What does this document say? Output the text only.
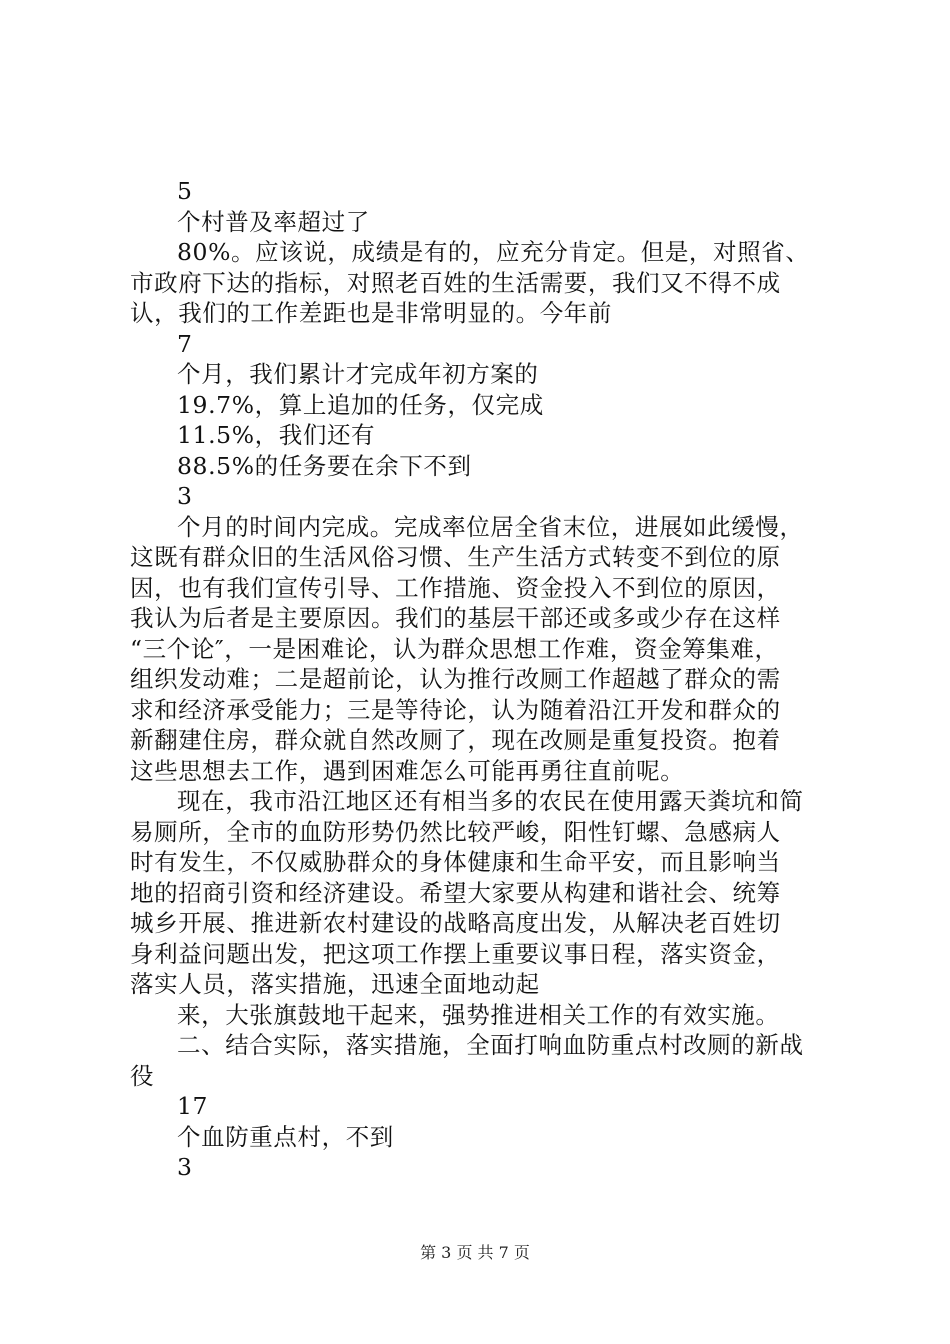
5
个村普及率超过了
80%。应该说，成绩是有的，应充分肯定。但是，对照省、
市政府下达的指标，对照老百姓的生活需要，我们又不得不成
认，我们的工作差距也是非常明显的。今年前
7
个月，我们累计才完成年初方案的
19.7%，算上追加的任务，仅完成
11.5%，我们还有
88.5%的任务要在余下不到
3
个月的时间内完成。完成率位居全省末位，进展如此缓慢，
这既有群众旧的生活风俗习惯、生产生活方式转变不到位的原
因，也有我们宣传引导、工作措施、资金投入不到位的原因，
我认为后者是主要原因。我们的基层干部还或多或少存在这样
“三个论″，一是困难论，认为群众思想工作难，资金筹集难，
组织发动难；二是超前论，认为推行改厕工作超越了群众的需
求和经济承受能力；三是等待论，认为随着沿江开发和群众的
新翻建住房，群众就自然改厕了，现在改厕是重复投资。抱着
这些思想去工作，遇到困难怎么可能再勇往直前呢。
现在，我市沿江地区还有相当多的农民在使用露天粪坑和简
易厕所，全市的血防形势仍然比较严峻，阳性钉螺、急感病人
时有发生，不仅威胁群众的身体健康和生命平安，而且影响当
地的招商引资和经济建设。希望大家要从构建和谐社会、统筹
城乡开展、推进新农村建设的战略高度出发，从解决老百姓切
身利益问题出发，把这项工作摆上重要议事日程，落实资金，
落实人员，落实措施，迅速全面地动起
来，大张旗鼓地干起来，强势推进相关工作的有效实施。
二、结合实际，落实措施，全面打响血防重点村改厕的新战
役
17
个血防重点村，不到
3
第 3 页 共 7 页
